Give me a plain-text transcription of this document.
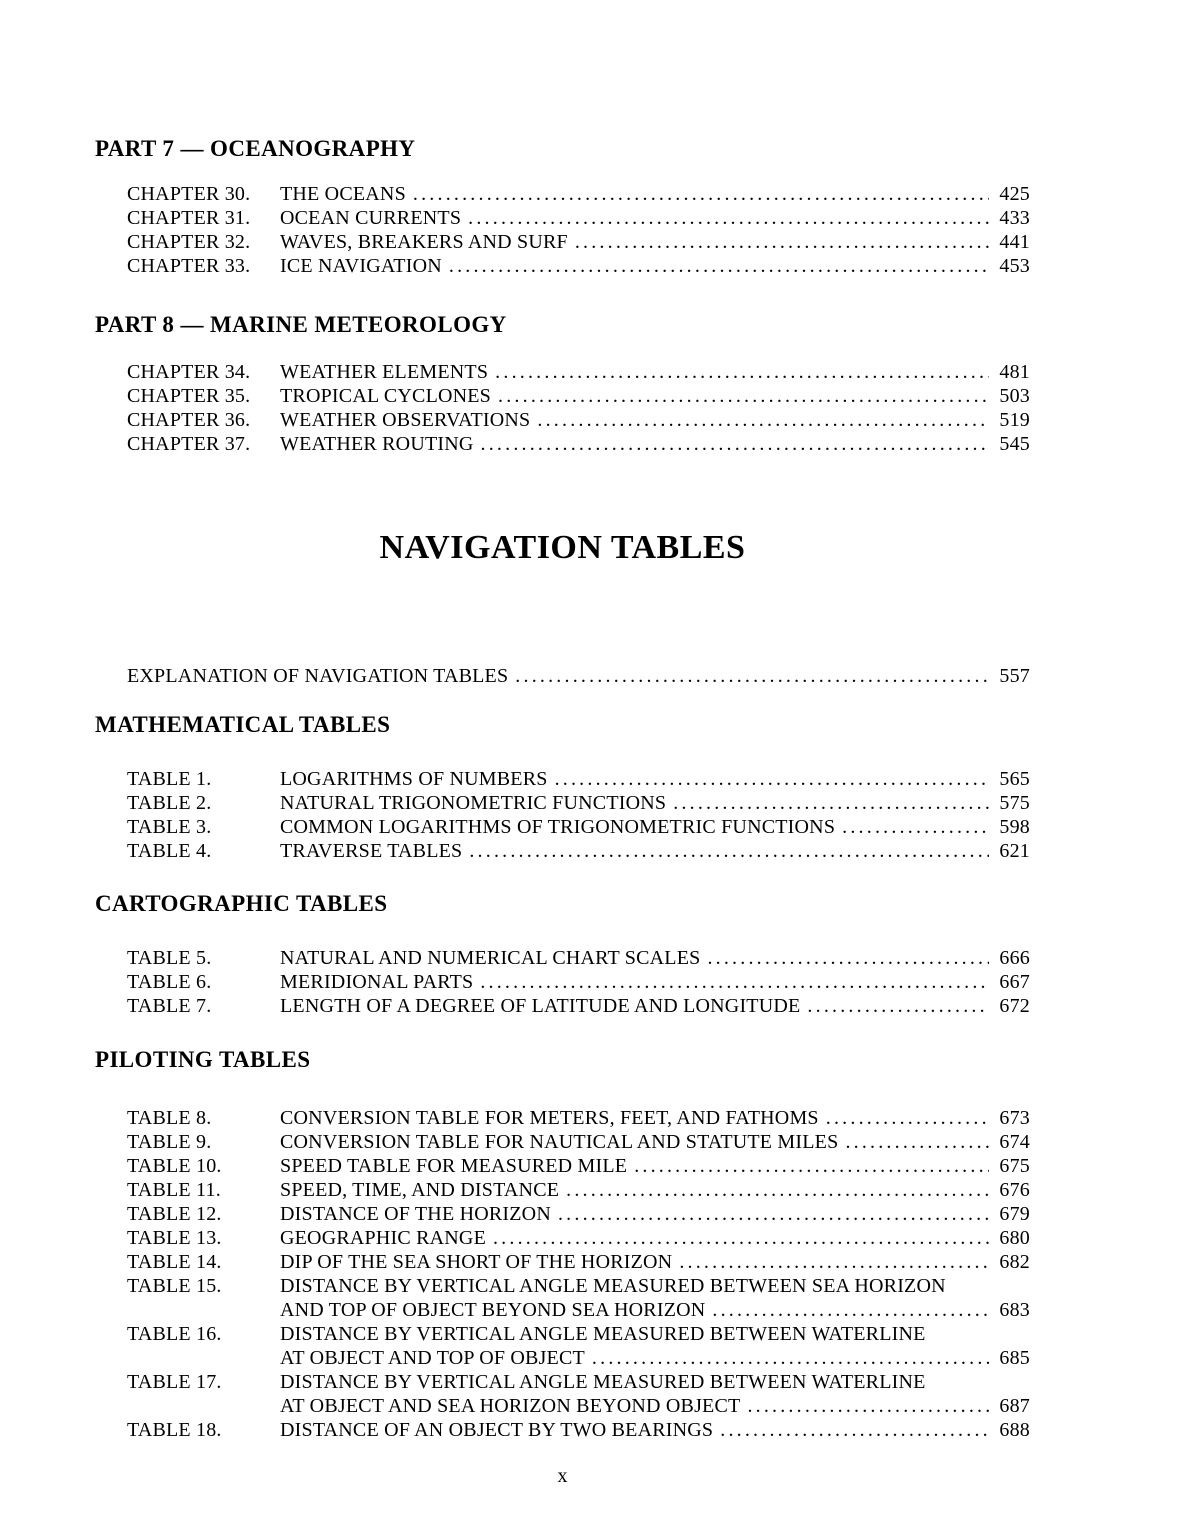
PART 7 — OCEANOGRAPHY
CHAPTER 30.	THE OCEANS .....	425
CHAPTER 31.	OCEAN CURRENTS .....	433
CHAPTER 32.	WAVES, BREAKERS AND SURF .....	441
CHAPTER 33.	ICE NAVIGATION .....	453
PART 8 — MARINE METEOROLOGY
CHAPTER 34.	WEATHER ELEMENTS .....	481
CHAPTER 35.	TROPICAL CYCLONES .....	503
CHAPTER 36.	WEATHER OBSERVATIONS .....	519
CHAPTER 37.	WEATHER ROUTING .....	545
NAVIGATION TABLES
EXPLANATION OF NAVIGATION TABLES .....	557
MATHEMATICAL TABLES
TABLE 1.	LOGARITHMS OF NUMBERS .....	565
TABLE 2.	NATURAL TRIGONOMETRIC FUNCTIONS .....	575
TABLE 3.	COMMON LOGARITHMS OF TRIGONOMETRIC FUNCTIONS .....	598
TABLE 4.	TRAVERSE TABLES .....	621
CARTOGRAPHIC TABLES
TABLE 5.	NATURAL AND NUMERICAL CHART SCALES .....	666
TABLE 6.	MERIDIONAL PARTS .....	667
TABLE 7.	LENGTH OF A DEGREE OF LATITUDE AND LONGITUDE .....	672
PILOTING TABLES
TABLE 8.	CONVERSION TABLE FOR METERS, FEET, AND FATHOMS .....	673
TABLE 9.	CONVERSION TABLE FOR NAUTICAL AND STATUTE MILES .....	674
TABLE 10.	SPEED TABLE FOR MEASURED MILE .....	675
TABLE 11.	SPEED, TIME, AND DISTANCE .....	676
TABLE 12.	DISTANCE OF THE HORIZON .....	679
TABLE 13.	GEOGRAPHIC RANGE .....	680
TABLE 14.	DIP OF THE SEA SHORT OF THE HORIZON .....	682
TABLE 15.	DISTANCE BY VERTICAL ANGLE MEASURED BETWEEN SEA HORIZON
AND TOP OF OBJECT BEYOND SEA HORIZON .....	683
TABLE 16.	DISTANCE BY VERTICAL ANGLE MEASURED BETWEEN WATERLINE
AT OBJECT AND TOP OF OBJECT .....	685
TABLE 17.	DISTANCE BY VERTICAL ANGLE MEASURED BETWEEN WATERLINE
AT OBJECT AND SEA HORIZON BEYOND OBJECT .....	687
TABLE 18.	DISTANCE OF AN OBJECT BY TWO BEARINGS .....	688
x
